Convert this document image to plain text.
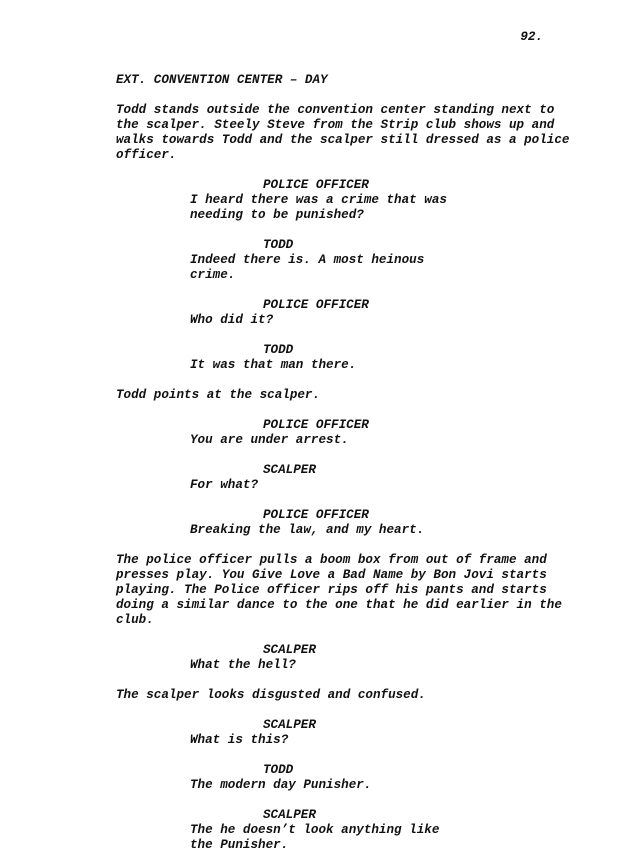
92.
EXT. CONVENTION CENTER – DAY
Todd stands outside the convention center standing next to
the scalper. Steely Steve from the Strip club shows up and
walks towards Todd and the scalper still dressed as a police
officer.
POLICE OFFICER
I heard there was a crime that was
needing to be punished?
TODD
Indeed there is. A most heinous
crime.
POLICE OFFICER
Who did it?
TODD
It was that man there.
Todd points at the scalper.
POLICE OFFICER
You are under arrest.
SCALPER
For what?
POLICE OFFICER
Breaking the law, and my heart.
The police officer pulls a boom box from out of frame and
presses play. You Give Love a Bad Name by Bon Jovi starts
playing. The Police officer rips off his pants and starts
doing a similar dance to the one that he did earlier in the
club.
SCALPER
What the hell?
The scalper looks disgusted and confused.
SCALPER
What is this?
TODD
The modern day Punisher.
SCALPER
The he doesn’t look anything like
the Punisher.
